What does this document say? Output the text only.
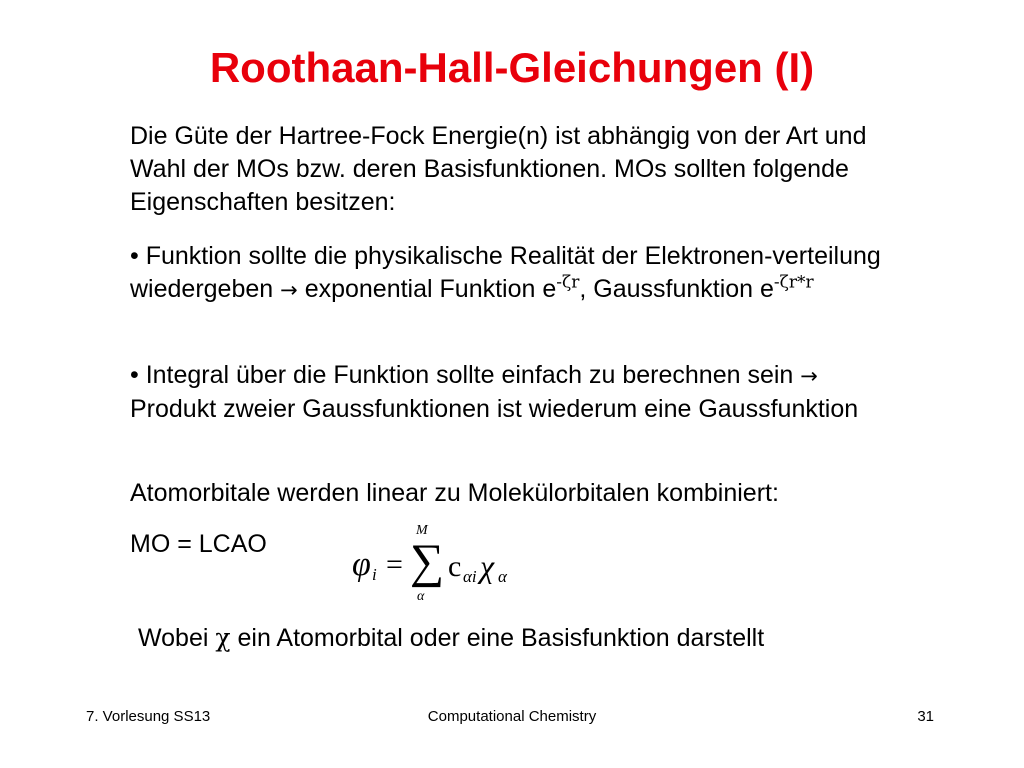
Roothaan-Hall-Gleichungen (I)

Die Güte der Hartree-Fock Energie(n) ist abhängig von der Art und Wahl der MOs bzw. deren Basisfunktionen. MOs sollten folgende Eigenschaften besitzen:

• Funktion sollte die physikalische Realität der Elektronen-verteilung wiedergeben → exponential Funktion $e^{-\zeta r}$, Gaussfunktion $e^{-\zeta r*r}$

• Integral über die Funktion sollte einfach zu berechnen sein → Produkt zweier Gaussfunktionen ist wiederum eine Gaussfunktion

Atomorbitale werden linear zu Molekülorbitalen kombiniert:

MO = LCAO

φ i =
M
∑
α
c αi χ α

Wobei χ ein Atomorbital oder eine Basisfunktion darstellt

7. Vorlesung SS13	Computational Chemistry	31
